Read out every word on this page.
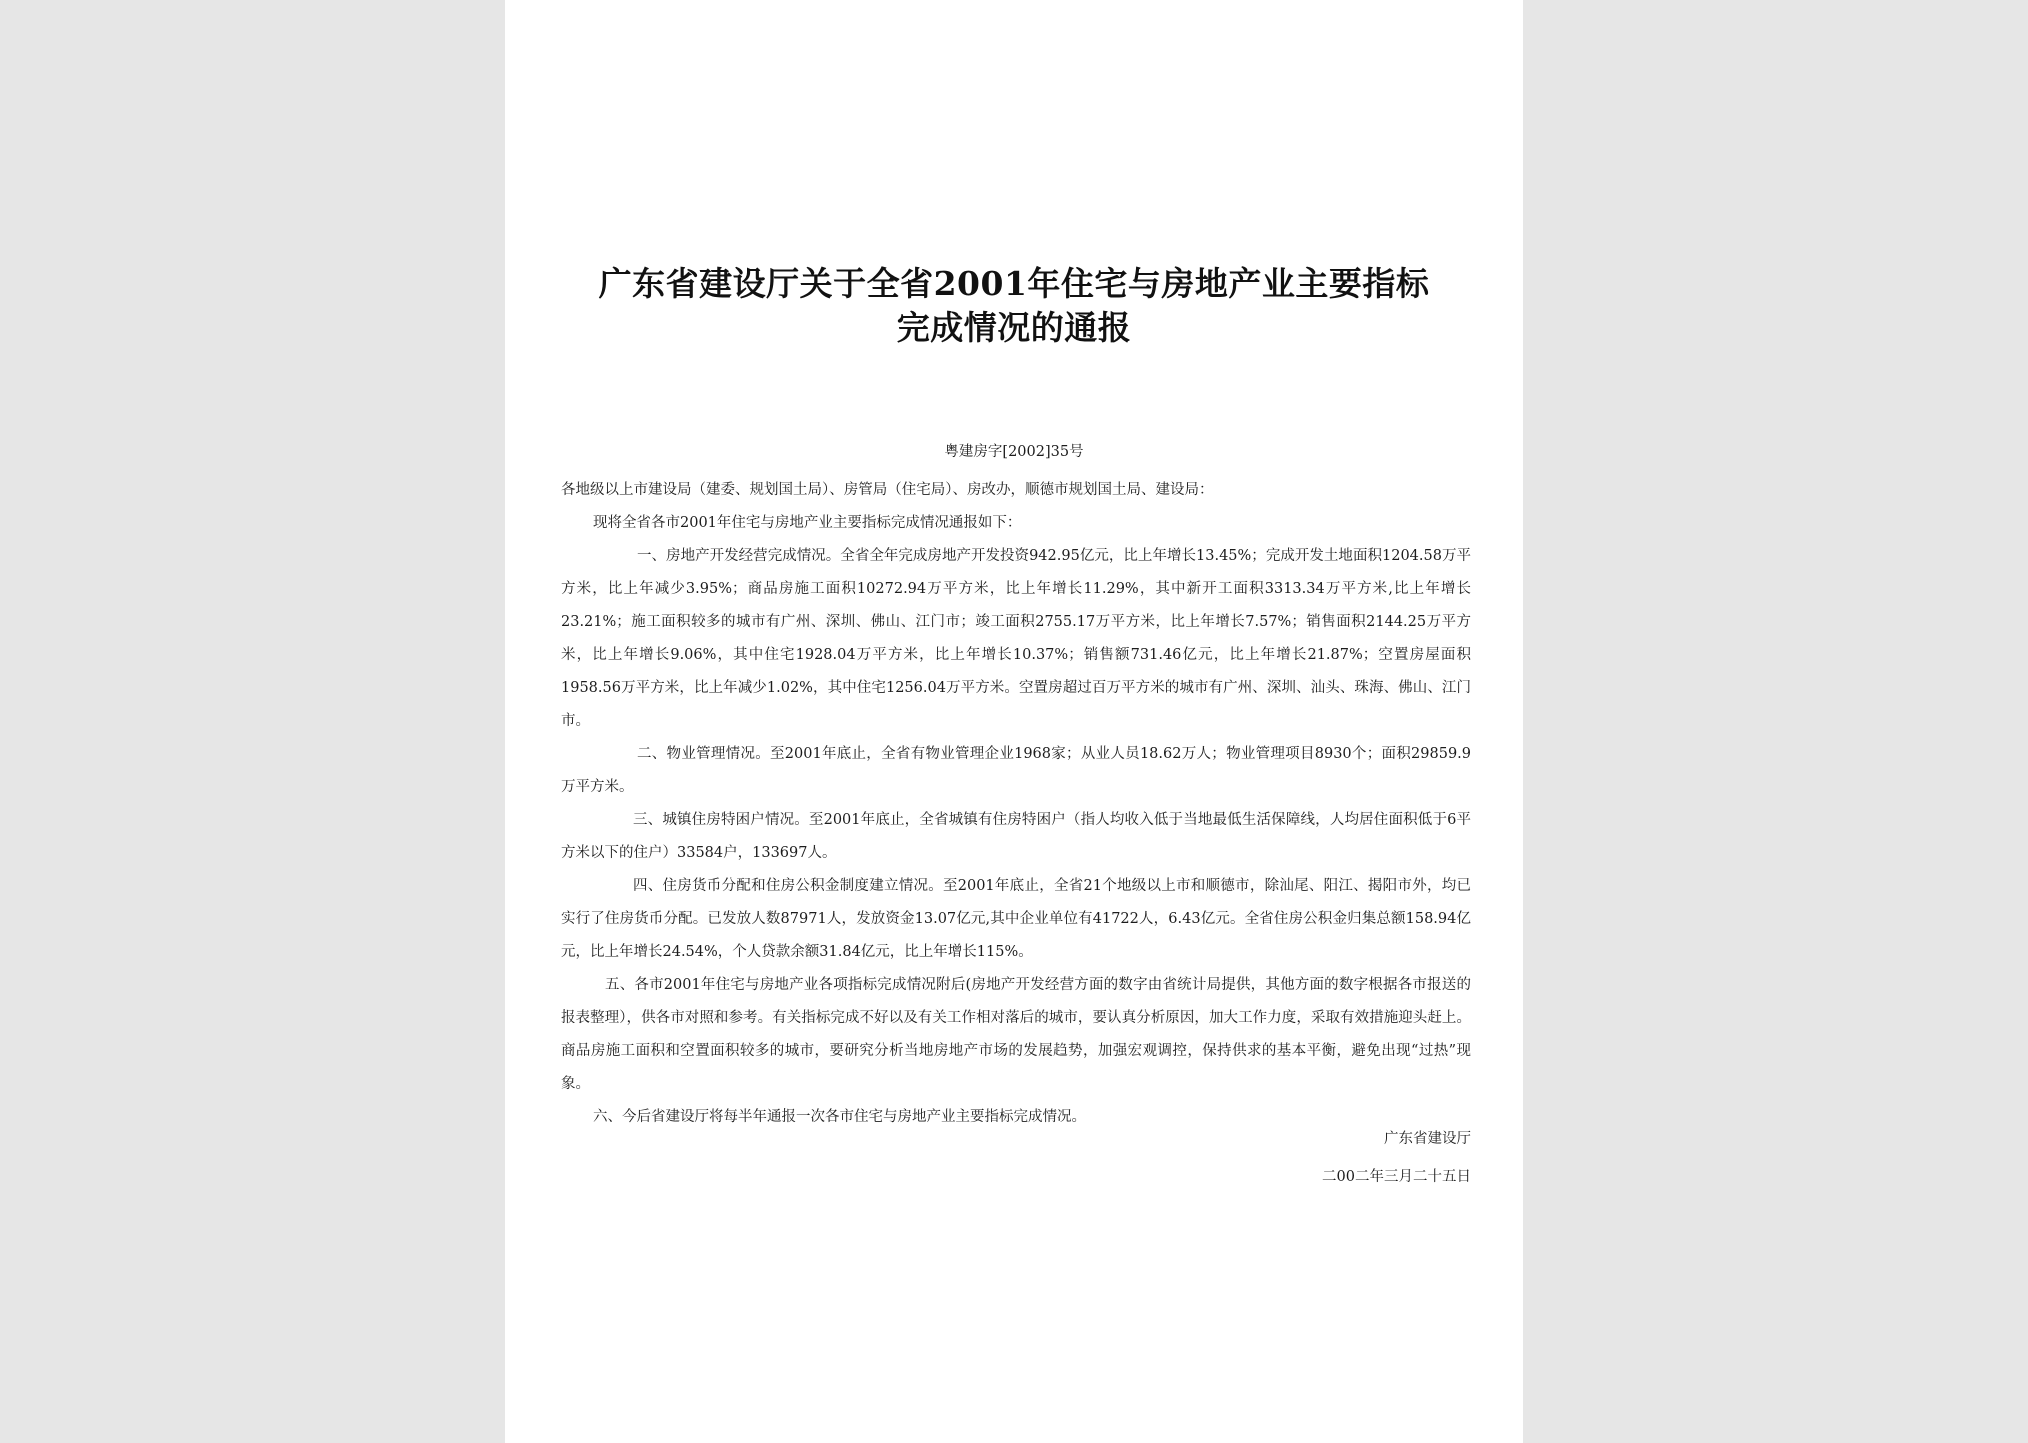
广东省建设厅关于全省2001年住宅与房地产业主要指标
完成情况的通报
粤建房字[2002]35号

各地级以上市建设局（建委、规划国土局）、房管局（住宅局）、房改办，顺德市规划国土局、建设局：

现将全省各市2001年住宅与房地产业主要指标完成情况通报如下：

一、房地产开发经营完成情况。全省全年完成房地产开发投资942.95亿元，比上年增长13.45%；完成开发土地面积1204.58万平方米，比上年减少3.95%；商品房施工面积10272.94万平方米，比上年增长11.29%，其中新开工面积3313.34万平方米,比上年增长23.21%；施工面积较多的城市有广州、深圳、佛山、江门市；竣工面积2755.17万平方米，比上年增长7.57%；销售面积2144.25万平方米，比上年增长9.06%，其中住宅1928.04万平方米，比上年增长10.37%；销售额731.46亿元，比上年增长21.87%；空置房屋面积1958.56万平方米，比上年减少1.02%，其中住宅1256.04万平方米。空置房超过百万平方米的城市有广州、深圳、汕头、珠海、佛山、江门市。

二、物业管理情况。至2001年底止，全省有物业管理企业1968家；从业人员18.62万人；物业管理项目8930个；面积29859.9万平方米。

三、城镇住房特困户情况。至2001年底止，全省城镇有住房特困户（指人均收入低于当地最低生活保障线，人均居住面积低于6平方米以下的住户）33584户，133697人。

四、住房货币分配和住房公积金制度建立情况。至2001年底止，全省21个地级以上市和顺德市，除汕尾、阳江、揭阳市外，均已实行了住房货币分配。已发放人数87971人，发放资金13.07亿元,其中企业单位有41722人，6.43亿元。全省住房公积金归集总额158.94亿元，比上年增长24.54%，个人贷款余额31.84亿元，比上年增长115%。

五、各市2001年住宅与房地产业各项指标完成情况附后(房地产开发经营方面的数字由省统计局提供，其他方面的数字根据各市报送的报表整理），供各市对照和参考。有关指标完成不好以及有关工作相对落后的城市，要认真分析原因，加大工作力度，采取有效措施迎头赶上。商品房施工面积和空置面积较多的城市，要研究分析当地房地产市场的发展趋势，加强宏观调控，保持供求的基本平衡，避免出现“过热”现象。

六、今后省建设厅将每半年通报一次各市住宅与房地产业主要指标完成情况。

广东省建设厅
二00二年三月二十五日
